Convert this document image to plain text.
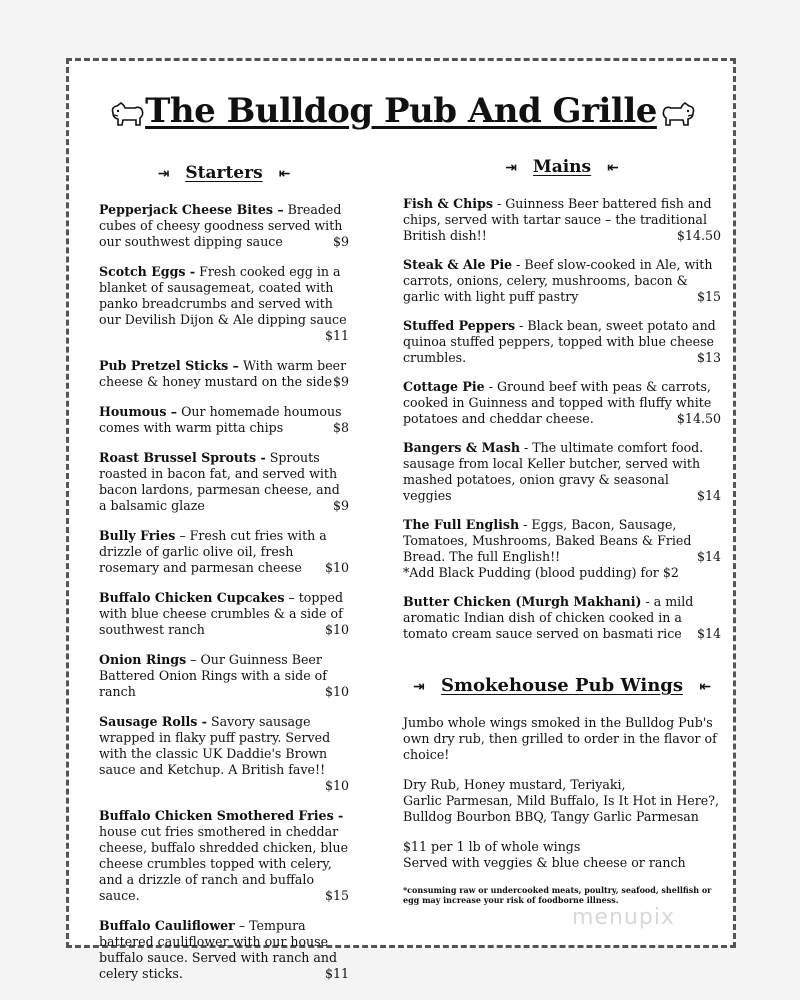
The Bulldog Pub And Grille
⇥ Starters ⇤
Pepperjack Cheese Bites – Breaded cubes of cheesy goodness served with our southwest dipping sauce	$9
Scotch Eggs - Fresh cooked egg in a blanket of sausagemeat, coated with panko breadcrumbs and served with our Devilish Dijon & Ale dipping sauce
$11
Pub Pretzel Sticks – With warm beer cheese & honey mustard on the side $9
Houmous – Our homemade houmous comes with warm pitta chips	$8
Roast Brussel Sprouts - Sprouts roasted in bacon fat, and served with bacon lardons, parmesan cheese, and a balsamic glaze	$9
Bully Fries – Fresh cut fries with a drizzle of garlic olive oil, fresh rosemary and parmesan cheese $10
Buffalo Chicken Cupcakes – topped with blue cheese crumbles & a side of southwest ranch	$10
Onion Rings – Our Guinness Beer Battered Onion Rings with a side of ranch	$10
Sausage Rolls - Savory sausage wrapped in flaky puff pastry. Served with the classic UK Daddie's Brown sauce and Ketchup. A British fave!!
$10
Buffalo Chicken Smothered Fries - house cut fries smothered in cheddar cheese, buffalo shredded chicken, blue cheese crumbles topped with celery, and a drizzle of ranch and buffalo sauce.	$15
Buffalo Cauliflower – Tempura battered cauliflower with our house buffalo sauce. Served with ranch and celery sticks.	$11
⇥ Mains ⇤
Fish & Chips - Guinness Beer battered fish and chips, served with tartar sauce – the traditional British dish!!	$14.50
Steak & Ale Pie - Beef slow-cooked in Ale, with carrots, onions, celery, mushrooms, bacon & garlic with light puff pastry	$15
Stuffed Peppers - Black bean, sweet potato and quinoa stuffed peppers, topped with blue cheese crumbles.	$13
Cottage Pie - Ground beef with peas & carrots, cooked in Guinness and topped with fluffy white potatoes and cheddar cheese.	$14.50
Bangers & Mash - The ultimate comfort food. sausage from local Keller butcher, served with mashed potatoes, onion gravy & seasonal veggies	$14
The Full English - Eggs, Bacon, Sausage, Tomatoes, Mushrooms, Baked Beans & Fried Bread. The full English!!	$14
*Add Black Pudding (blood pudding) for $2
Butter Chicken (Murgh Makhani) - a mild aromatic Indian dish of chicken cooked in a tomato cream sauce served on basmati rice $14
⇥ Smokehouse Pub Wings ⇤

Jumbo whole wings smoked in the Bulldog Pub's own dry rub, then grilled to order in the flavor of choice!

Dry Rub, Honey mustard, Teriyaki,
Garlic Parmesan, Mild Buffalo, Is It Hot in Here?,
Bulldog Bourbon BBQ, Tangy Garlic Parmesan

$11 per 1 lb of whole wings
Served with veggies & blue cheese or ranch

*consuming raw or undercooked meats, poultry, seafood, shellfish or egg may increase your risk of foodborne illness.
menupix
